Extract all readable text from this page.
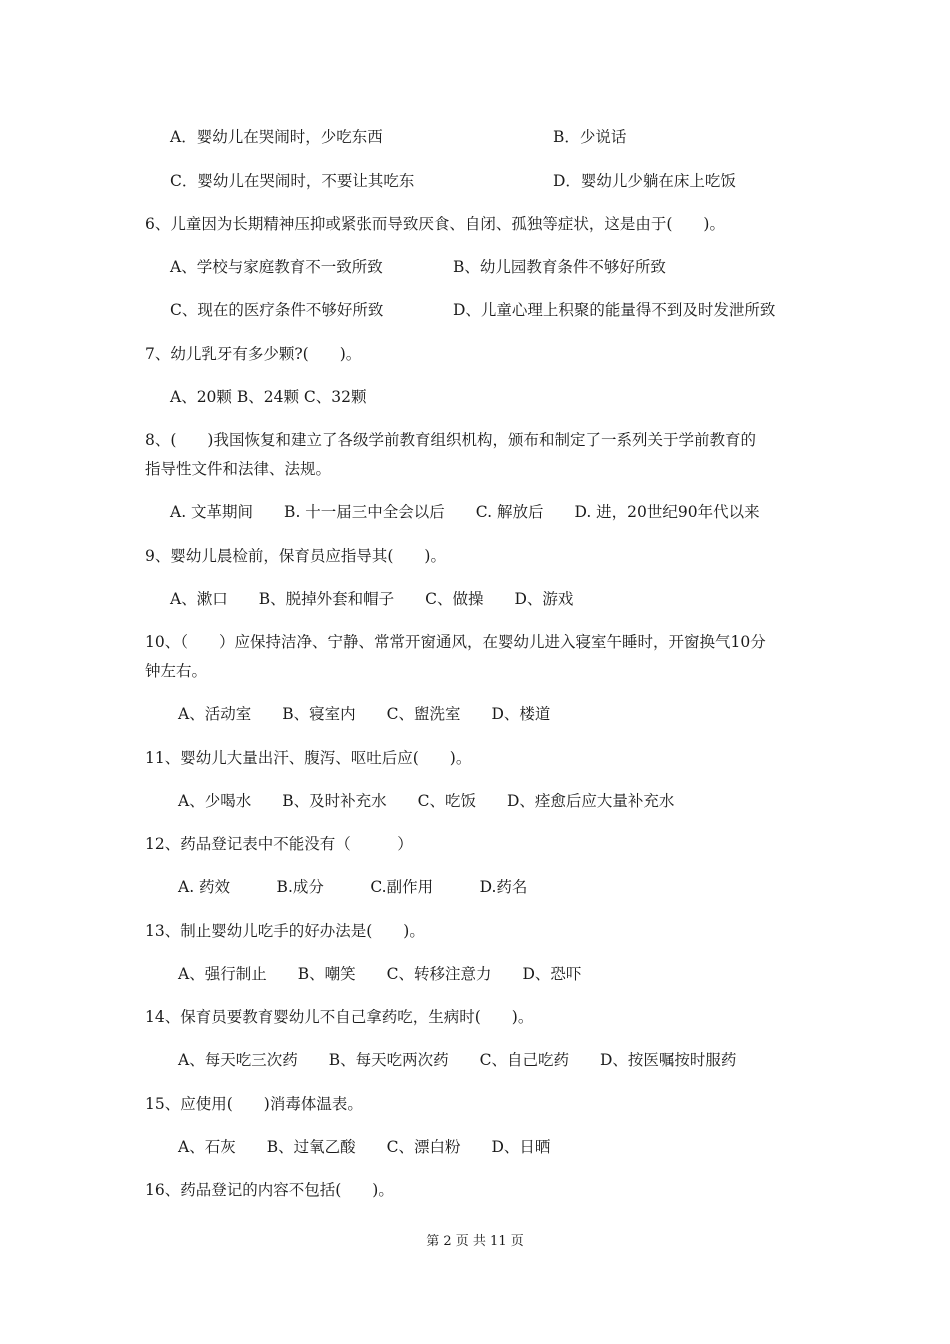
A．婴幼儿在哭闹时，少吃东西	B．少说话
C．婴幼儿在哭闹时，不要让其吃东	D．婴幼儿少躺在床上吃饭
6、儿童因为长期精神压抑或紧张而导致厌食、自闭、孤独等症状，这是由于(　　)。
A、学校与家庭教育不一致所致	B、幼儿园教育条件不够好所致
C、现在的医疗条件不够好所致	D、儿童心理上积聚的能量得不到及时发泄所致
7、幼儿乳牙有多少颗?(　　)。
A、20颗 B、24颗 C、32颗
8、(　　)我国恢复和建立了各级学前教育组织机构，颁布和制定了一系列关于学前教育的
指导性文件和法律、法规。
A. 文革期间　　B. 十一届三中全会以后　　C. 解放后　　D. 进，20世纪90年代以来
9、婴幼儿晨检前，保育员应指导其(　　)。
A、漱口　　B、脱掉外套和帽子　　C、做操　　D、游戏
10、（　　）应保持洁净、宁静、常常开窗通风，在婴幼儿进入寝室午睡时，开窗换气10分
钟左右。
A、活动室　　B、寝室内　　C、盥洗室　　D、楼道
11、婴幼儿大量出汗、腹泻、呕吐后应(　　)。
A、少喝水　　B、及时补充水　　C、吃饭　　D、痊愈后应大量补充水
12、药品登记表中不能没有（　　　）
A. 药效　　　B.成分　　　C.副作用　　　D.药名
13、制止婴幼儿吃手的好办法是(　　)。
A、强行制止　　B、嘲笑　　C、转移注意力　　D、恐吓
14、保育员要教育婴幼儿不自己拿药吃，生病时(　　)。
A、每天吃三次药　　B、每天吃两次药　　C、自己吃药　　D、按医嘱按时服药
15、应使用(　　)消毒体温表。
A、石灰　　B、过氧乙酸　　C、漂白粉　　D、日晒
16、药品登记的内容不包括(　　)。
第 2 页 共 11 页
